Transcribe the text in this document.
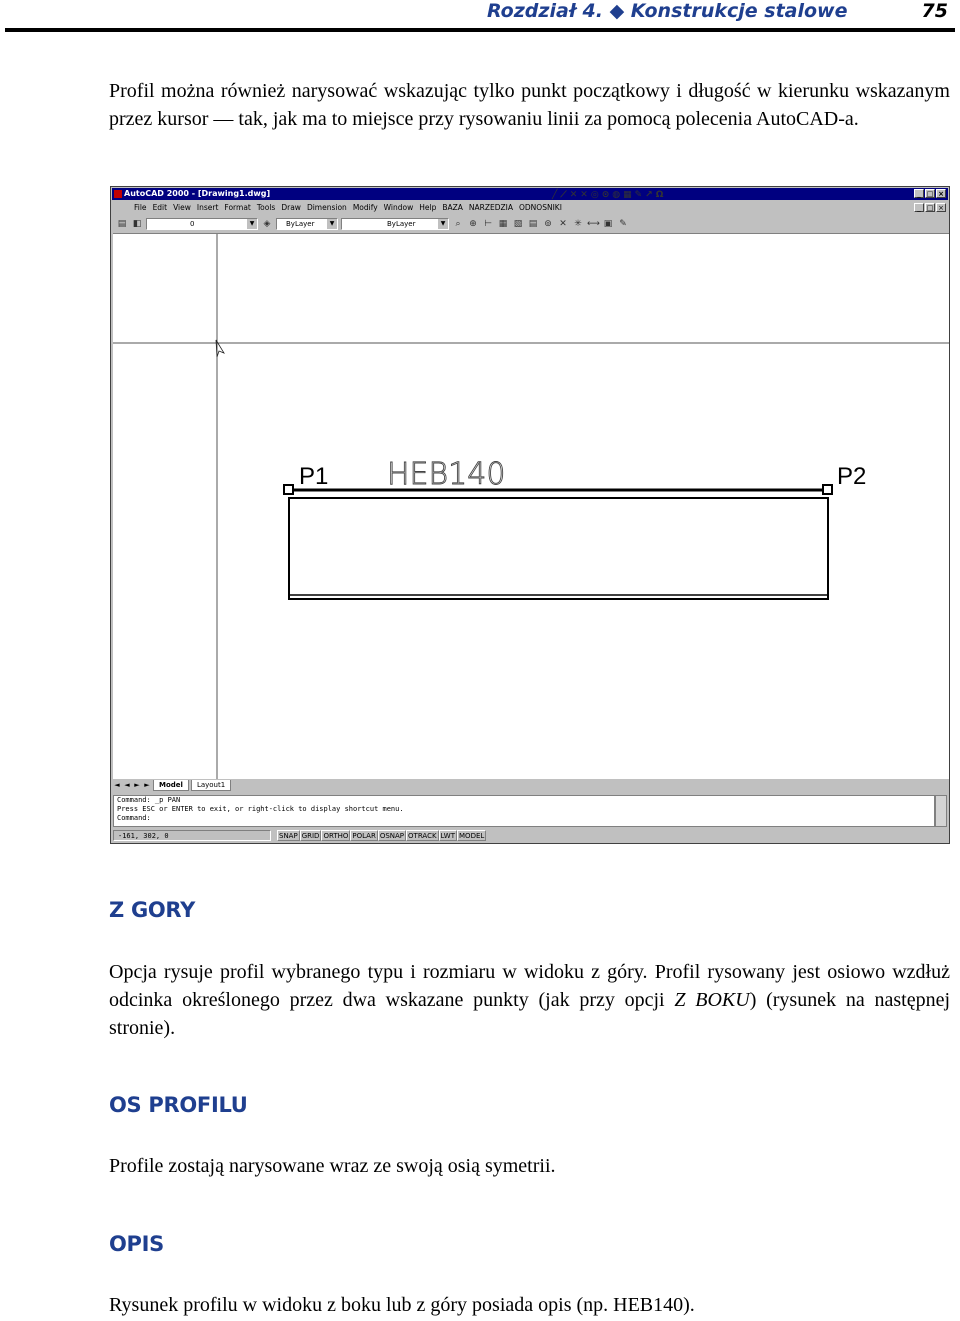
Rozdział 4. ◆ Konstrukcje stalowe	75

Profil można również narysować wskazując tylko punkt początkowy i długość w kierunku wskazanym przez kursor — tak, jak ma to miejsce przy rysowaniu linii za pomocą polecenia AutoCAD-a.

AutoCAD 2000 - [Drawing1.dwg]	╱ ⟋ ✕ ✕ ◎ ⊙ ◍ ▦ ✎ ↗ Ω	_ □ ×
File Edit View Insert Format Tools Draw Dimension Modify Window Help BAZA NARZEDZIA ODNOSNIKI	_ □ ×
▤ ◧	0	▼ ◈	ByLayer	▼	ByLayer	▼	⌕ ⊕ ⊢ ▦ ▧ ▤ ⊚ ✕ ✳ ⟷ ▣ ✎
P1	P2
HEB140
◄ ◄ ► ►	Model	Layout1
Command: _p PAN
Press ESC or ENTER to exit, or right-click to display shortcut menu.
Command:
-161, 302, 0	SNAP GRID ORTHO POLAR OSNAP OTRACK LWT MODEL
Z GORY

Opcja rysuje profil wybranego typu i rozmiaru w widoku z góry. Profil rysowany jest osiowo wzdłuż odcinka określonego przez dwa wskazane punkty (jak przy opcji Z BOKU) (rysunek na następnej stronie).

OS PROFILU

Profile zostają narysowane wraz ze swoją osią symetrii.

OPIS

Rysunek profilu w widoku z boku lub z góry posiada opis (np. HEB140).
